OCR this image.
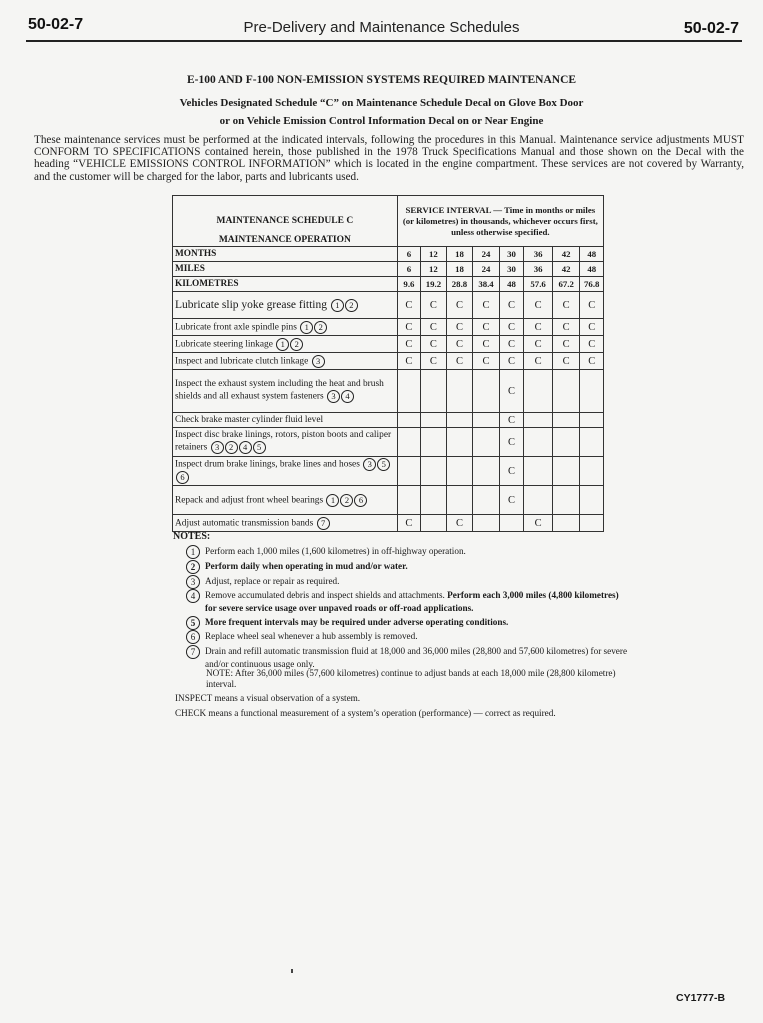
50-02-7	Pre-Delivery and Maintenance Schedules	50-02-7
E-100 AND F-100 NON-EMISSION SYSTEMS REQUIRED MAINTENANCE
Vehicles Designated Schedule “C” on Maintenance Schedule Decal on Glove Box Door
or on Vehicle Emission Control Information Decal on or Near Engine
These maintenance services must be performed at the indicated intervals, following the procedures in this Manual. Maintenance service adjustments MUST CONFORM TO SPECIFICATIONS contained herein, those published in the 1978 Truck Specifications Manual and those shown on the Decal with the heading “VEHICLE EMISSIONS CONTROL INFORMATION” which is located in the engine compartment. These services are not covered by Warranty, and the customer will be charged for the labor, parts and lubricants used.
MAINTENANCE SCHEDULE C
MAINTENANCE OPERATION	SERVICE INTERVAL — Time in months or miles (or kilometres) in thousands, whichever occurs first, unless otherwise specified.							
MONTHS	6	12	18	24	30	36	42	48
MILES	6	12	18	24	30	36	42	48
KILOMETRES	9.6	19.2	28.8	38.4	48	57.6	67.2	76.8
Lubricate slip yoke grease fitting 1 2	C	C	C	C	C	C	C	C
Lubricate front axle spindle pins 1 2	C	C	C	C	C	C	C	C
Lubricate steering linkage 1 2	C	C	C	C	C	C	C	C
Inspect and lubricate clutch linkage 3	C	C	C	C	C	C	C	C
Inspect the exhaust system including the heat and brush shields and all exhaust system fasteners 3 4					C			
Check brake master cylinder fluid level					C			
Inspect disc brake linings, rotors, piston boots and caliper retainers 3 2 4 5					C			
Inspect drum brake linings, brake lines and hoses 3 56					C			
Repack and adjust front wheel bearings 1 2 6					C			
Adjust automatic transmission bands 7	C		C			C		
NOTES:
1 Perform each 1,000 miles (1,600 kilometres) in off-highway operation.
2 Perform daily when operating in mud and/or water.
3 Adjust, replace or repair as required.
4 Remove accumulated debris and inspect shields and attachments. Perform each 3,000 miles (4,800 kilometres) for severe service usage over unpaved roads or off-road applications.
5 More frequent intervals may be required under adverse operating conditions.
6 Replace wheel seal whenever a hub assembly is removed.
7 Drain and refill automatic transmission fluid at 18,000 and 36,000 miles (28,800 and 57,600 kilometres) for severe and/or continuous usage only.
NOTE: After 36,000 miles (57,600 kilometres) continue to adjust bands at each 18,000 mile (28,800 kilometre) interval.
INSPECT means a visual observation of a system.
CHECK means a functional measurement of a system’s operation (performance) — correct as required.
CY1777-B
